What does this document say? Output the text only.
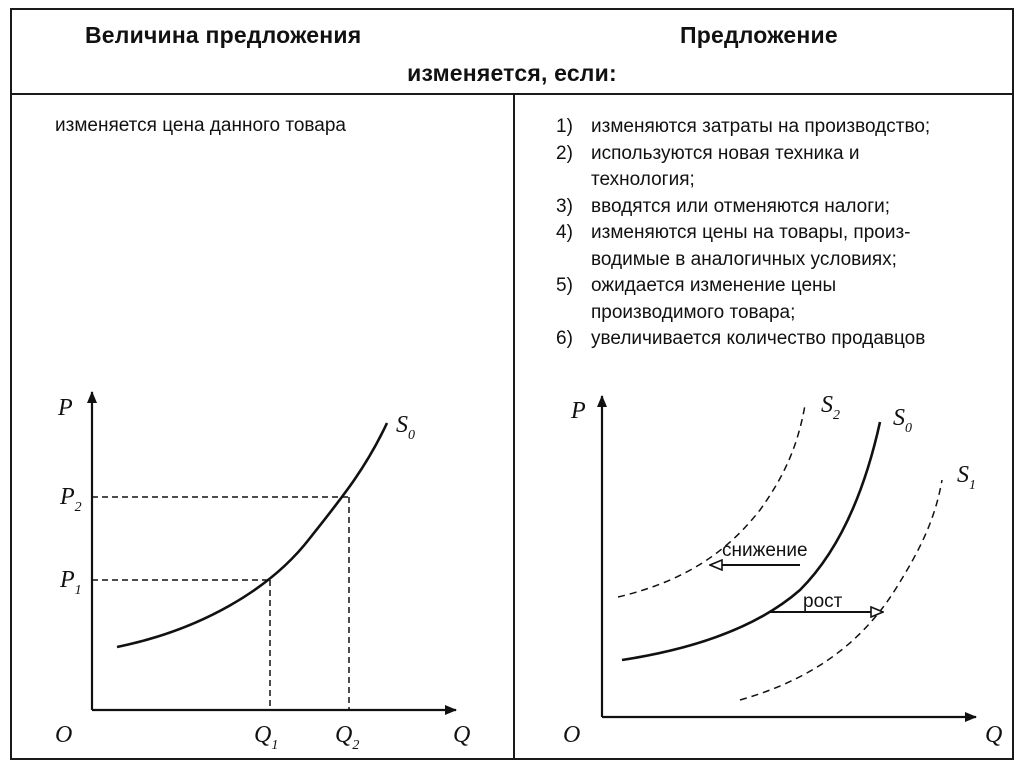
Величина предложения	Предложение
изменяется, если:
изменяется цена данного товара	1) изменяются затраты на производство;
2) используются новая техника и
технология;
3) вводятся или отменяются налоги;
4) изменяются цены на товары, произ-
водимые в аналогичных условиях;
5) ожидается изменение цены
производимого товара;
6) увеличивается количество продавцов
P
Q
O
$S_0$
$P_2$
$P_1$
$Q_1$ $Q_2$
снижение
рост
P
Q
O
$S_2$ $S_0$
$S_1$
